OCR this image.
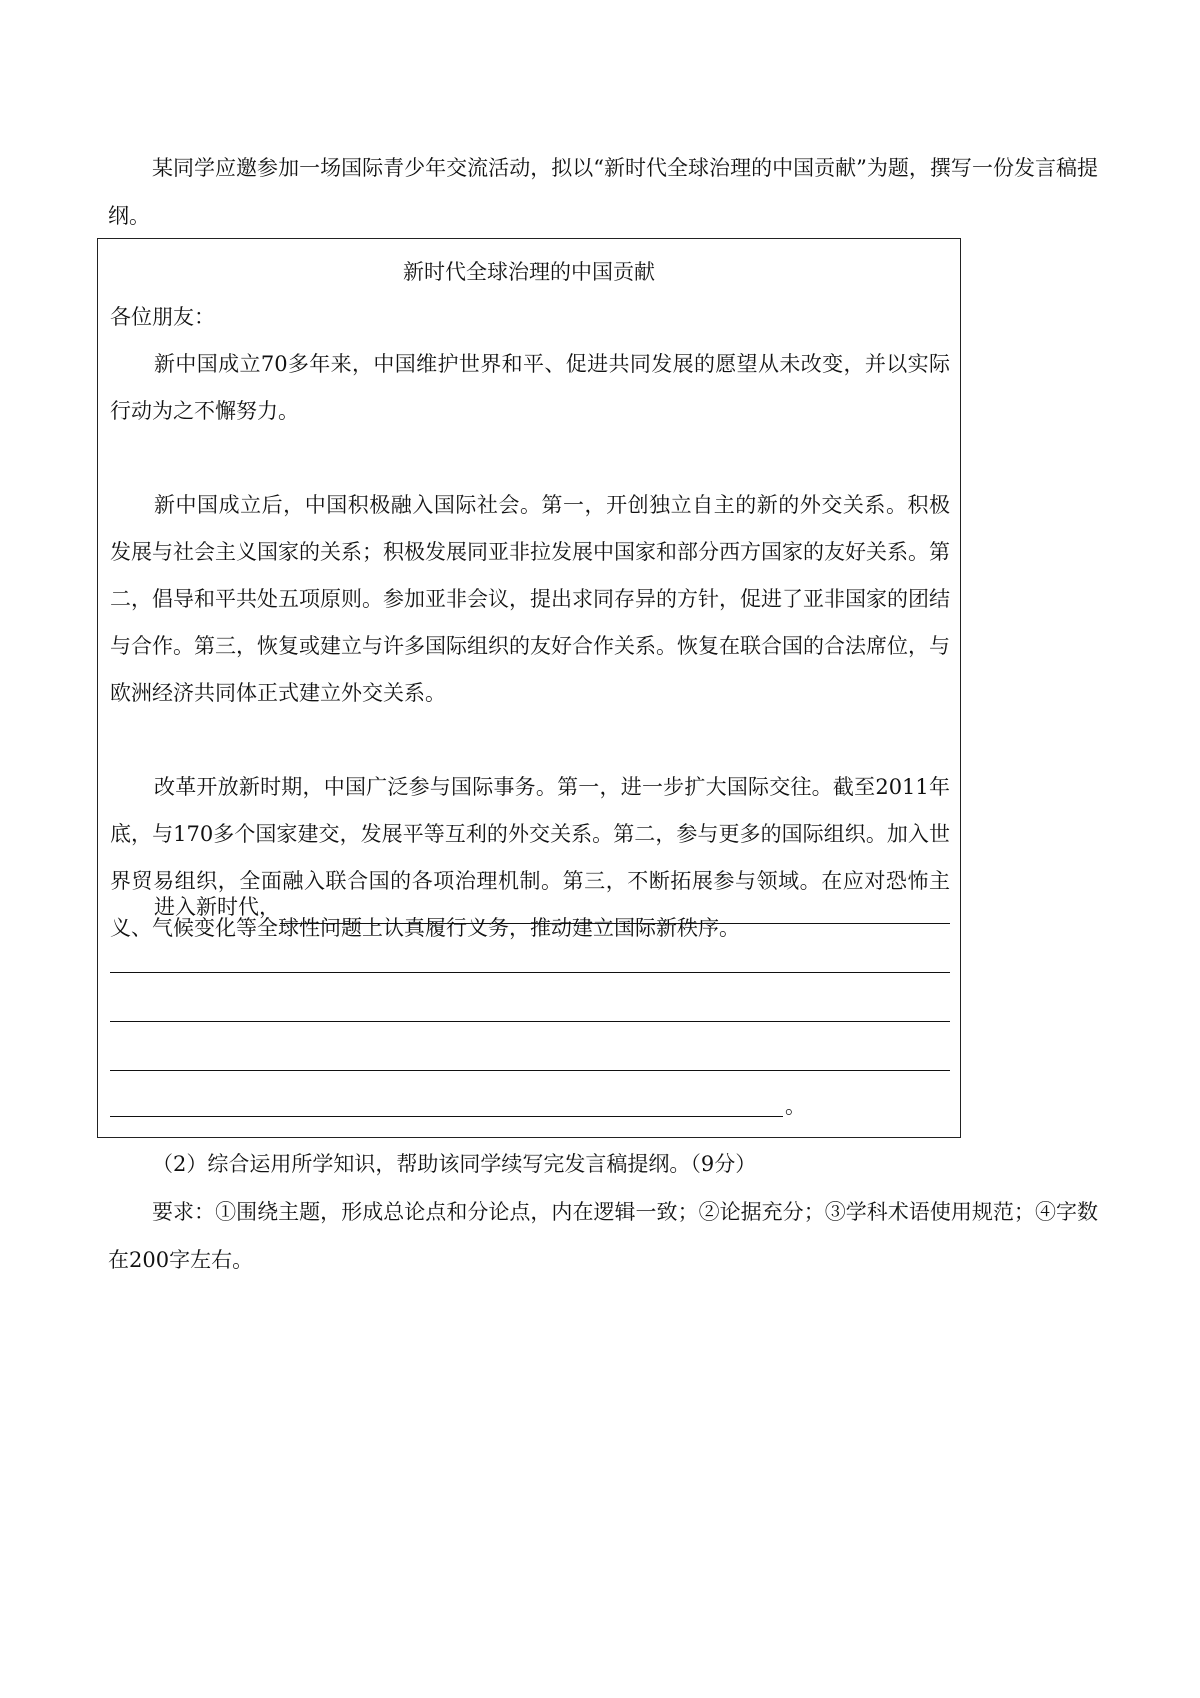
某同学应邀参加一场国际青少年交流活动，拟以“新时代全球治理的中国贡献”为题，撰写一份发言稿提纲。

新时代全球治理的中国贡献

各位朋友：

新中国成立70多年来，中国维护世界和平、促进共同发展的愿望从未改变，并以实际行动为之不懈努力。

新中国成立后，中国积极融入国际社会。第一，开创独立自主的新的外交关系。积极发展与社会主义国家的关系；积极发展同亚非拉发展中国家和部分西方国家的友好关系。第二，倡导和平共处五项原则。参加亚非会议，提出求同存异的方针，促进了亚非国家的团结与合作。第三，恢复或建立与许多国际组织的友好合作关系。恢复在联合国的合法席位，与欧洲经济共同体正式建立外交关系。

改革开放新时期，中国广泛参与国际事务。第一，进一步扩大国际交往。截至2011年底，与170多个国家建交，发展平等互利的外交关系。第二，参与更多的国际组织。加入世界贸易组织，全面融入联合国的各项治理机制。第三，不断拓展参与领域。在应对恐怖主义、气候变化等全球性问题上认真履行义务，推动建立国际新秩序。

进入新时代，
。

（2）综合运用所学知识，帮助该同学续写完发言稿提纲。（9分）

要求：①围绕主题，形成总论点和分论点，内在逻辑一致；②论据充分；③学科术语使用规范；④字数在200字左右。
